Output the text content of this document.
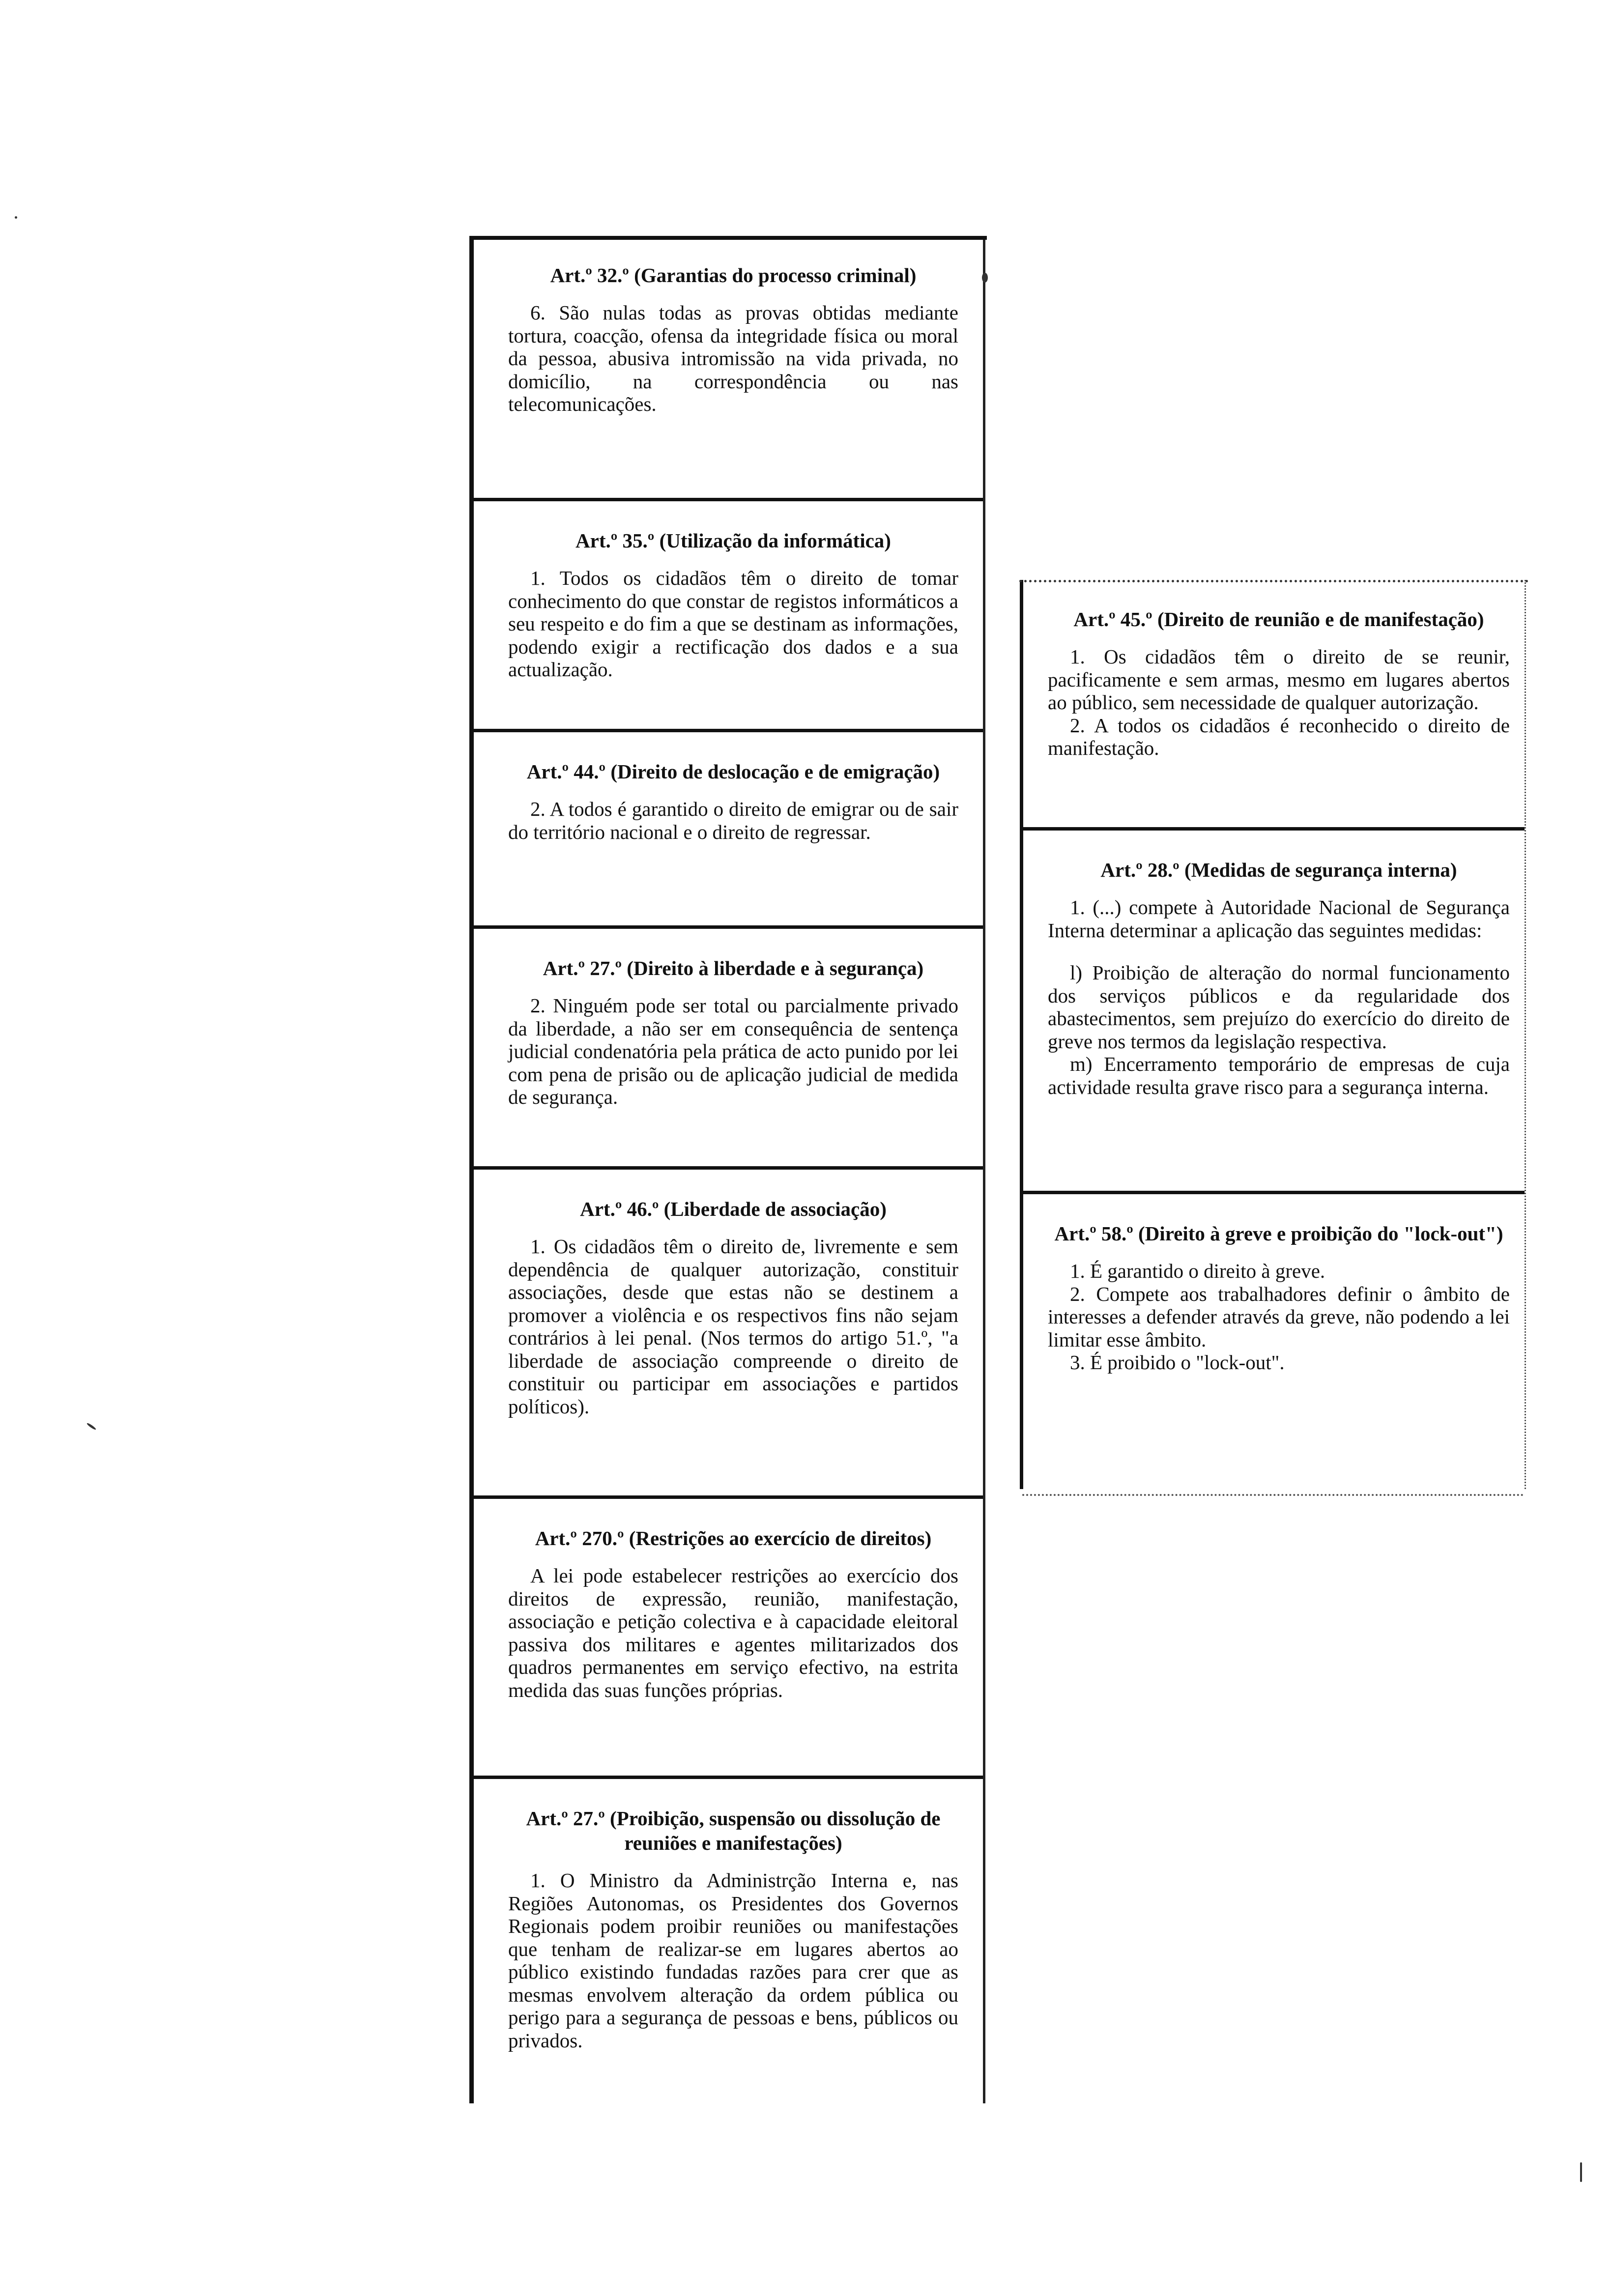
Art.º 32.º (Garantias do processo criminal)

6. São nulas todas as provas obtidas mediante tortura, coacção, ofensa da integridade física ou moral da pessoa, abusiva intromissão na vida privada, no domicílio, na correspondência ou nas telecomunicações.

Art.º 35.º (Utilização da informática)

1. Todos os cidadãos têm o direito de tomar conhecimento do que constar de registos informáticos a seu respeito e do fim a que se destinam as informações, podendo exigir a rectificação dos dados e a sua actualização.

Art.º 44.º (Direito de deslocação e de emigração)

2. A todos é garantido o direito de emigrar ou de sair do território nacional e o direito de regressar.

Art.º 27.º (Direito à liberdade e à segurança)

2. Ninguém pode ser total ou parcialmente privado da liberdade, a não ser em consequência de sentença judicial condenatória pela prática de acto punido por lei com pena de prisão ou de aplicação judicial de medida de segurança.

Art.º 46.º (Liberdade de associação)

1. Os cidadãos têm o direito de, livremente e sem dependência de qualquer autorização, constituir associações, desde que estas não se destinem a promover a violência e os respectivos fins não sejam contrários à lei penal. (Nos termos do artigo 51.º, "a liberdade de associação compreende o direito de constituir ou participar em associações e partidos políticos).

Art.º 270.º (Restrições ao exercício de direitos)

A lei pode estabelecer restrições ao exercício dos direitos de expressão, reunião, manifestação, associação e petição colectiva e à capacidade eleitoral passiva dos militares e agentes militarizados dos quadros permanentes em serviço efectivo, na estrita medida das suas funções próprias.

Art.º 27.º (Proibição, suspensão ou dissolução de reuniões e manifestações)

1. O Ministro da Administrção Interna e, nas Regiões Autonomas, os Presidentes dos Governos Regionais podem proibir reuniões ou manifestações que tenham de realizar-se em lugares abertos ao público existindo fundadas razões para crer que as mesmas envolvem alteração da ordem pública ou perigo para a segurança de pessoas e bens, públicos ou privados.

Art.º 45.º (Direito de reunião e de manifestação)

1. Os cidadãos têm o direito de se reunir, pacificamente e sem armas, mesmo em lugares abertos ao público, sem necessidade de qualquer autorização.

2. A todos os cidadãos é reconhecido o direito de manifestação.

Art.º 28.º (Medidas de segurança interna)

1. (...) compete à Autoridade Nacional de Segurança Interna determinar a aplicação das seguintes medidas:

l) Proibição de alteração do normal funcionamento dos serviços públicos e da regularidade dos abastecimentos, sem prejuízo do exercício do direito de greve nos termos da legislação respectiva.

m) Encerramento temporário de empresas de cuja actividade resulta grave risco para a segurança interna.

Art.º 58.º (Direito à greve e proibição do "lock-out")

1. É garantido o direito à greve.

2. Compete aos trabalhadores definir o âmbito de interesses a defender através da greve, não podendo a lei limitar esse âmbito.

3. É proibido o "lock-out".
